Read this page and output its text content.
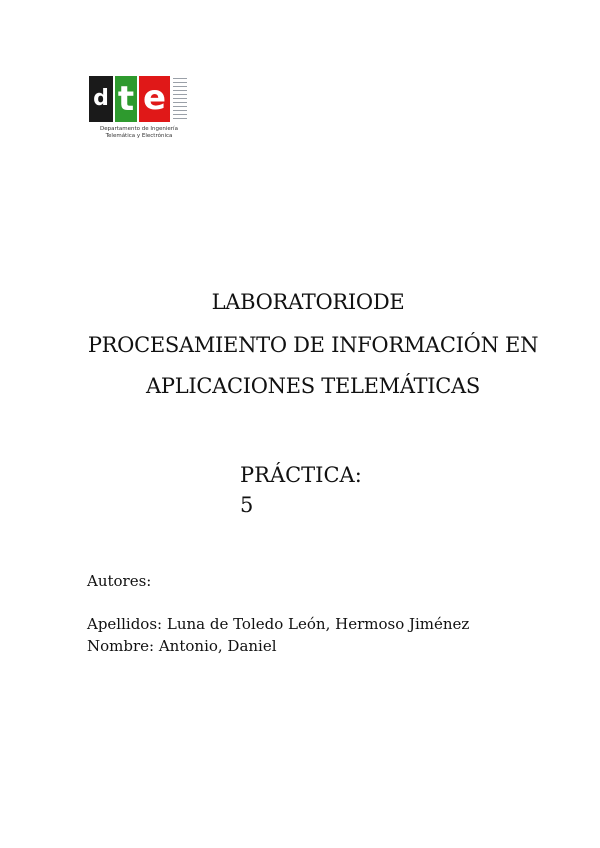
d t e
Departamento de Ingeniería Telemática y Electrónica
LABORATORIODE
PROCESAMIENTO DE INFORMACIÓN EN
APLICACIONES TELEMÁTICAS
PRÁCTICA:
5
Autores:
Apellidos: Luna de Toledo León, Hermoso Jiménez
Nombre: Antonio, Daniel
